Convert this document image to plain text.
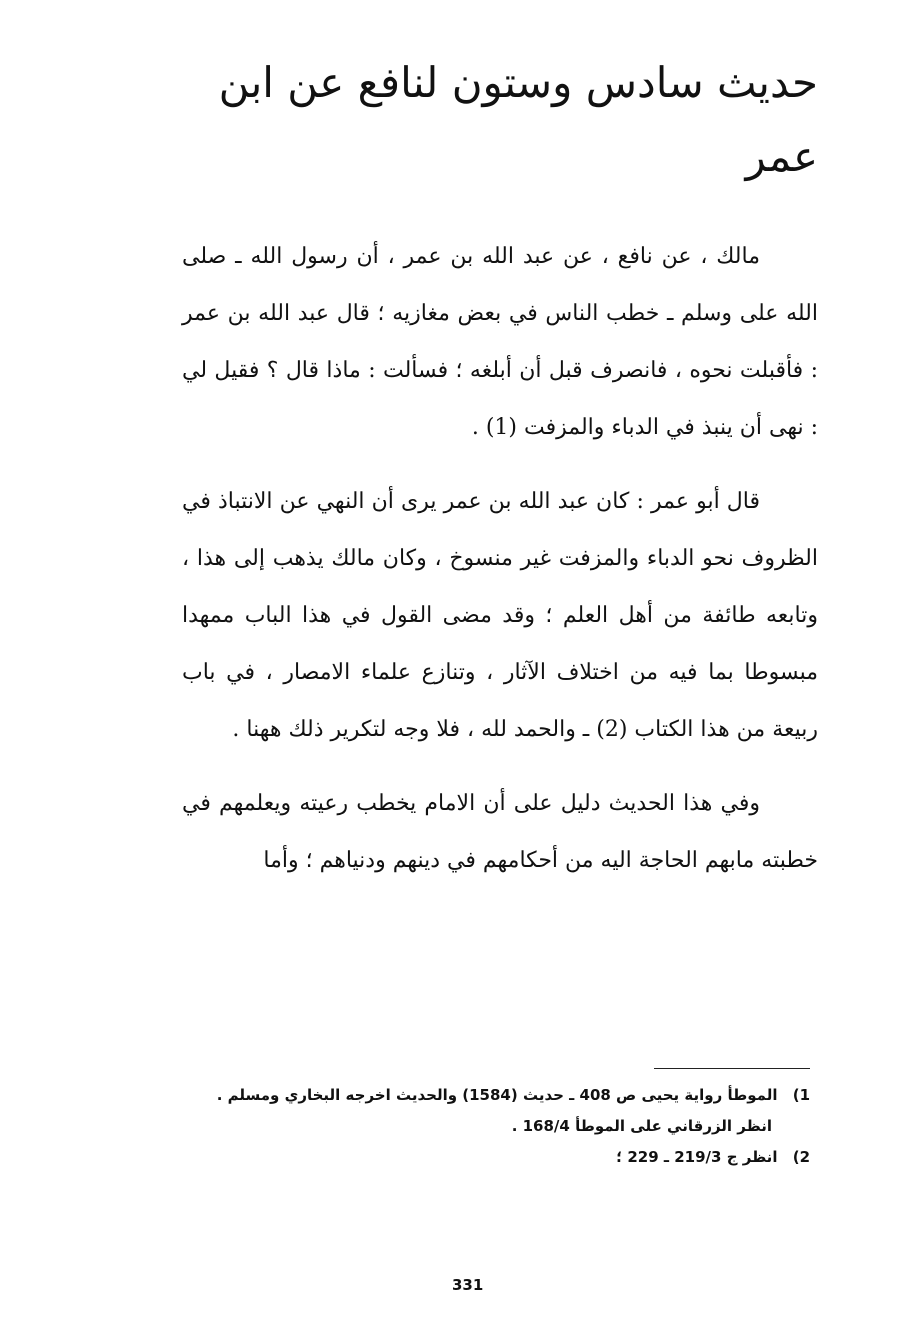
حديث سادس وستون لنافع عن ابن عمر

مالك ، عن نافع ، عن عبد الله بن عمر ، أن رسول الله ـ صلى الله على وسلم ـ خطب الناس في بعض مغازيه ؛ قال عبد الله بن عمر : فأقبلت نحوه ، فانصرف قبل أن أبلغه ؛ فسألت : ماذا قال ؟ فقيل لي : نهى أن ينبذ في الدباء والمزفت (1) .

قال أبو عمر : كان عبد الله بن عمر يرى أن النهي عن الانتباذ في الظروف نحو الدباء والمزفت غير منسوخ ، وكان مالك يذهب إلى هذا ، وتابعه طائفة من أهل العلم ؛ وقد مضى القول في هذا الباب ممهدا مبسوطا بما فيه من اختلاف الآثار ، وتنازع علماء الامصار ، في باب ربيعة من هذا الكتاب (2) ـ والحمد لله ، فلا وجه لتكرير ذلك ههنا .

وفي هذا الحديث دليل على أن الامام يخطب رعيته ويعلمهم في خطبته مابهم الحاجة اليه من أحكامهم في دينهم ودنياهم ؛ وأما

1) الموطأ رواية يحيى ص 408 ـ حديث (1584) والحديث اخرجه البخاري ومسلم .

انظر الزرقاني على الموطأ 168/4 .

2) انظر ج 219/3 ـ 229 ؛

331
